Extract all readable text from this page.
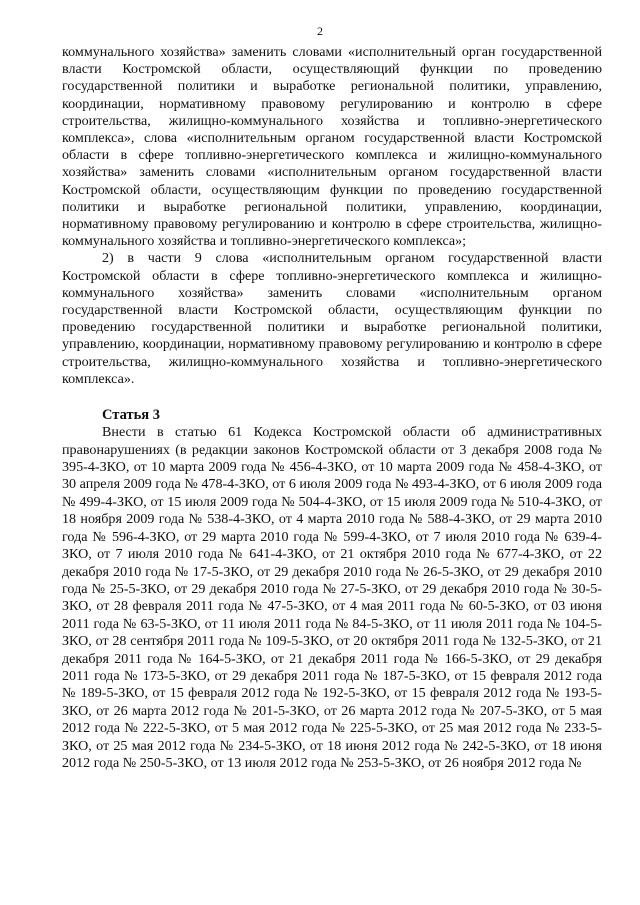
2

коммунального хозяйства» заменить словами «исполнительный орган государственной власти Костромской области, осуществляющий функции по проведению государственной политики и выработке региональной политики, управлению, координации, нормативному правовому регулированию и контролю в сфере строительства, жилищно-коммунального хозяйства и топливно-энергетического комплекса», слова «исполнительным органом государственной власти Костромской области в сфере топливно-энергетического комплекса и жилищно-коммунального хозяйства» заменить словами «исполнительным органом государственной власти Костромской области, осуществляющим функции по проведению государственной политики и выработке региональной политики, управлению, координации, нормативному правовому регулированию и контролю в сфере строительства, жилищно-коммунального хозяйства и топливно-энергетического комплекса»;

2) в части 9 слова «исполнительным органом государственной власти Костромской области в сфере топливно-энергетического комплекса и жилищно-коммунального хозяйства» заменить словами «исполнительным органом государственной власти Костромской области, осуществляющим функции по проведению государственной политики и выработке региональной политики, управлению, координации, нормативному правовому регулированию и контролю в сфере строительства, жилищно-коммунального хозяйства и топливно-энергетического комплекса».

Статья 3

Внести в статью 61 Кодекса Костромской области об административных правонарушениях (в редакции законов Костромской области от 3 декабря 2008 года № 395-4-ЗКО, от 10 марта 2009 года № 456-4-ЗКО, от 10 марта 2009 года № 458-4-ЗКО, от 30 апреля 2009 года № 478-4-ЗКО, от 6 июля 2009 года № 493-4-ЗКО, от 6 июля 2009 года № 499-4-ЗКО, от 15 июля 2009 года № 504-4-ЗКО, от 15 июля 2009 года № 510-4-ЗКО, от 18 ноября 2009 года № 538-4-ЗКО, от 4 марта 2010 года № 588-4-ЗКО, от 29 марта 2010 года № 596-4-ЗКО, от 29 марта 2010 года № 599-4-ЗКО, от 7 июля 2010 года № 639-4-ЗКО, от 7 июля 2010 года № 641-4-ЗКО, от 21 октября 2010 года № 677-4-ЗКО, от 22 декабря 2010 года № 17-5-ЗКО, от 29 декабря 2010 года № 26-5-ЗКО, от 29 декабря 2010 года № 25-5-ЗКО, от 29 декабря 2010 года № 27-5-ЗКО, от 29 декабря 2010 года № 30-5-ЗКО, от 28 февраля 2011 года № 47-5-ЗКО, от 4 мая 2011 года № 60-5-ЗКО, от 03 июня 2011 года № 63-5-ЗКО, от 11 июля 2011 года № 84-5-ЗКО, от 11 июля 2011 года № 104-5-ЗКО, от 28 сентября 2011 года № 109-5-ЗКО, от 20 октября 2011 года № 132-5-ЗКО, от 21 декабря 2011 года № 164-5-ЗКО, от 21 декабря 2011 года № 166-5-ЗКО, от 29 декабря 2011 года № 173-5-ЗКО, от 29 декабря 2011 года № 187-5-ЗКО, от 15 февраля 2012 года № 189-5-ЗКО, от 15 февраля 2012 года № 192-5-ЗКО, от 15 февраля 2012 года № 193-5-ЗКО, от 26 марта 2012 года № 201-5-ЗКО, от 26 марта 2012 года № 207-5-ЗКО, от 5 мая 2012 года № 222-5-ЗКО, от 5 мая 2012 года № 225-5-ЗКО, от 25 мая 2012 года № 233-5-ЗКО, от 25 мая 2012 года № 234-5-ЗКО, от 18 июня 2012 года № 242-5-ЗКО, от 18 июня 2012 года № 250-5-ЗКО, от 13 июля 2012 года № 253-5-ЗКО, от 26 ноября 2012 года №
